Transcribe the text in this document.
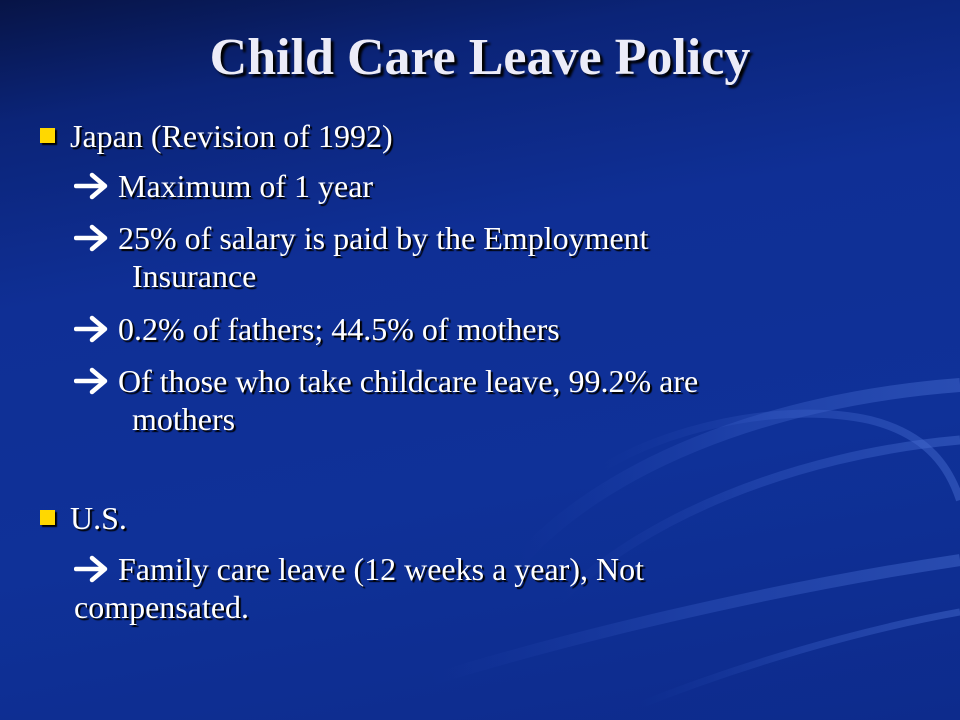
Child Care Leave Policy
Japan (Revision of 1992)
Maximum of 1 year
25% of salary is paid by the Employment
Insurance
0.2% of fathers; 44.5% of mothers
Of those who take childcare leave, 99.2% are
mothers
U.S.
Family care leave (12 weeks a year), Not
compensated.
